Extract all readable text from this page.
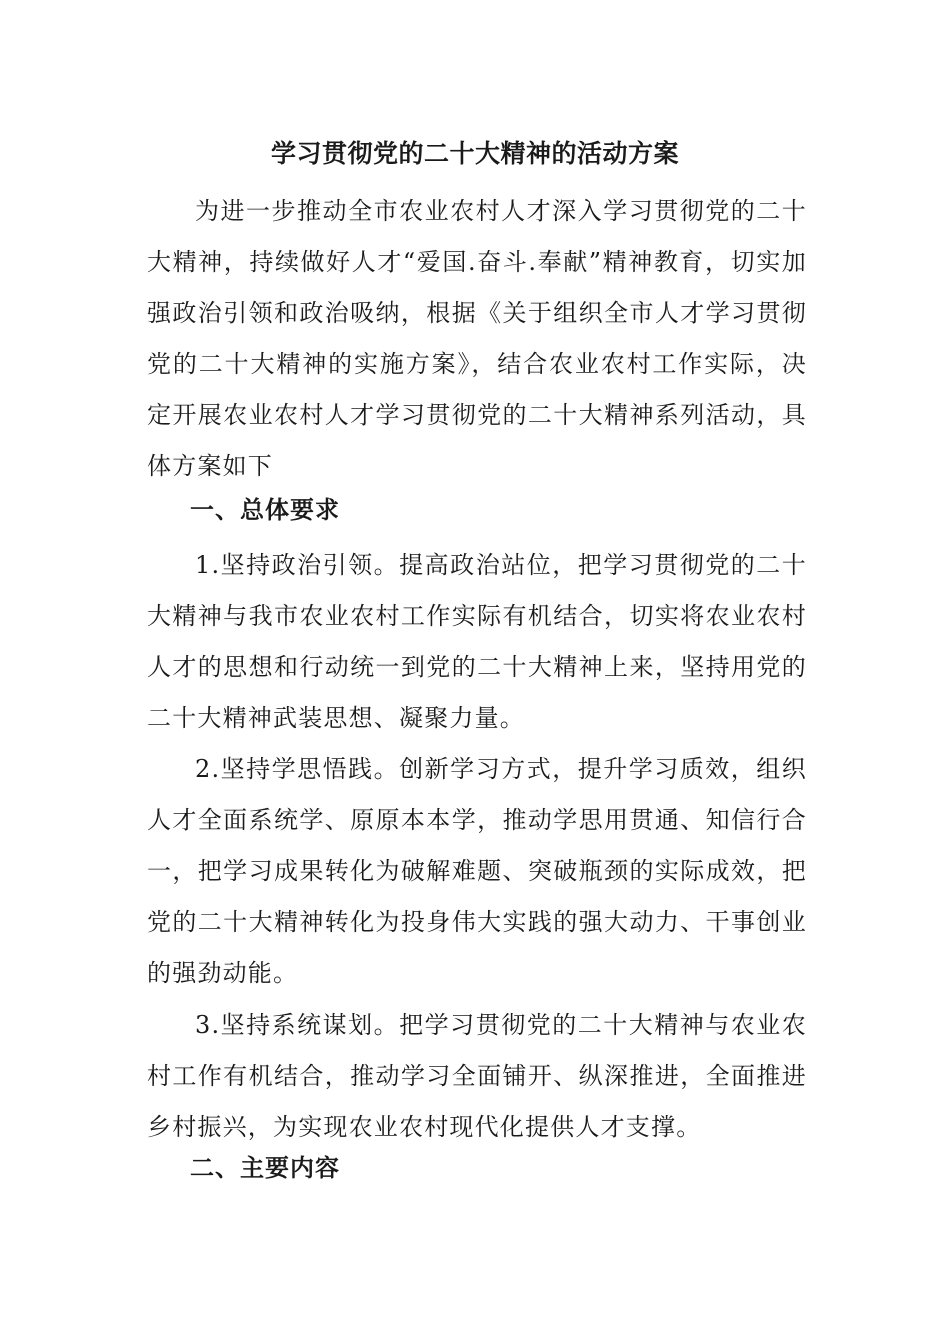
学习贯彻党的二十大精神的活动方案

为进一步推动全市农业农村人才深入学习贯彻党的二十大精神，持续做好人才“爱国.奋斗.奉献”精神教育，切实加强政治引领和政治吸纳，根据《关于组织全市人才学习贯彻党的二十大精神的实施方案》，结合农业农村工作实际，决定开展农业农村人才学习贯彻党的二十大精神系列活动，具体方案如下

一、总体要求

1.坚持政治引领。提高政治站位，把学习贯彻党的二十大精神与我市农业农村工作实际有机结合，切实将农业农村人才的思想和行动统一到党的二十大精神上来，坚持用党的二十大精神武装思想、凝聚力量。

2.坚持学思悟践。创新学习方式，提升学习质效，组织人才全面系统学、原原本本学，推动学思用贯通、知信行合一，把学习成果转化为破解难题、突破瓶颈的实际成效，把党的二十大精神转化为投身伟大实践的强大动力、干事创业的强劲动能。

3.坚持系统谋划。把学习贯彻党的二十大精神与农业农村工作有机结合，推动学习全面铺开、纵深推进，全面推进乡村振兴，为实现农业农村现代化提供人才支撑。

二、主要内容
